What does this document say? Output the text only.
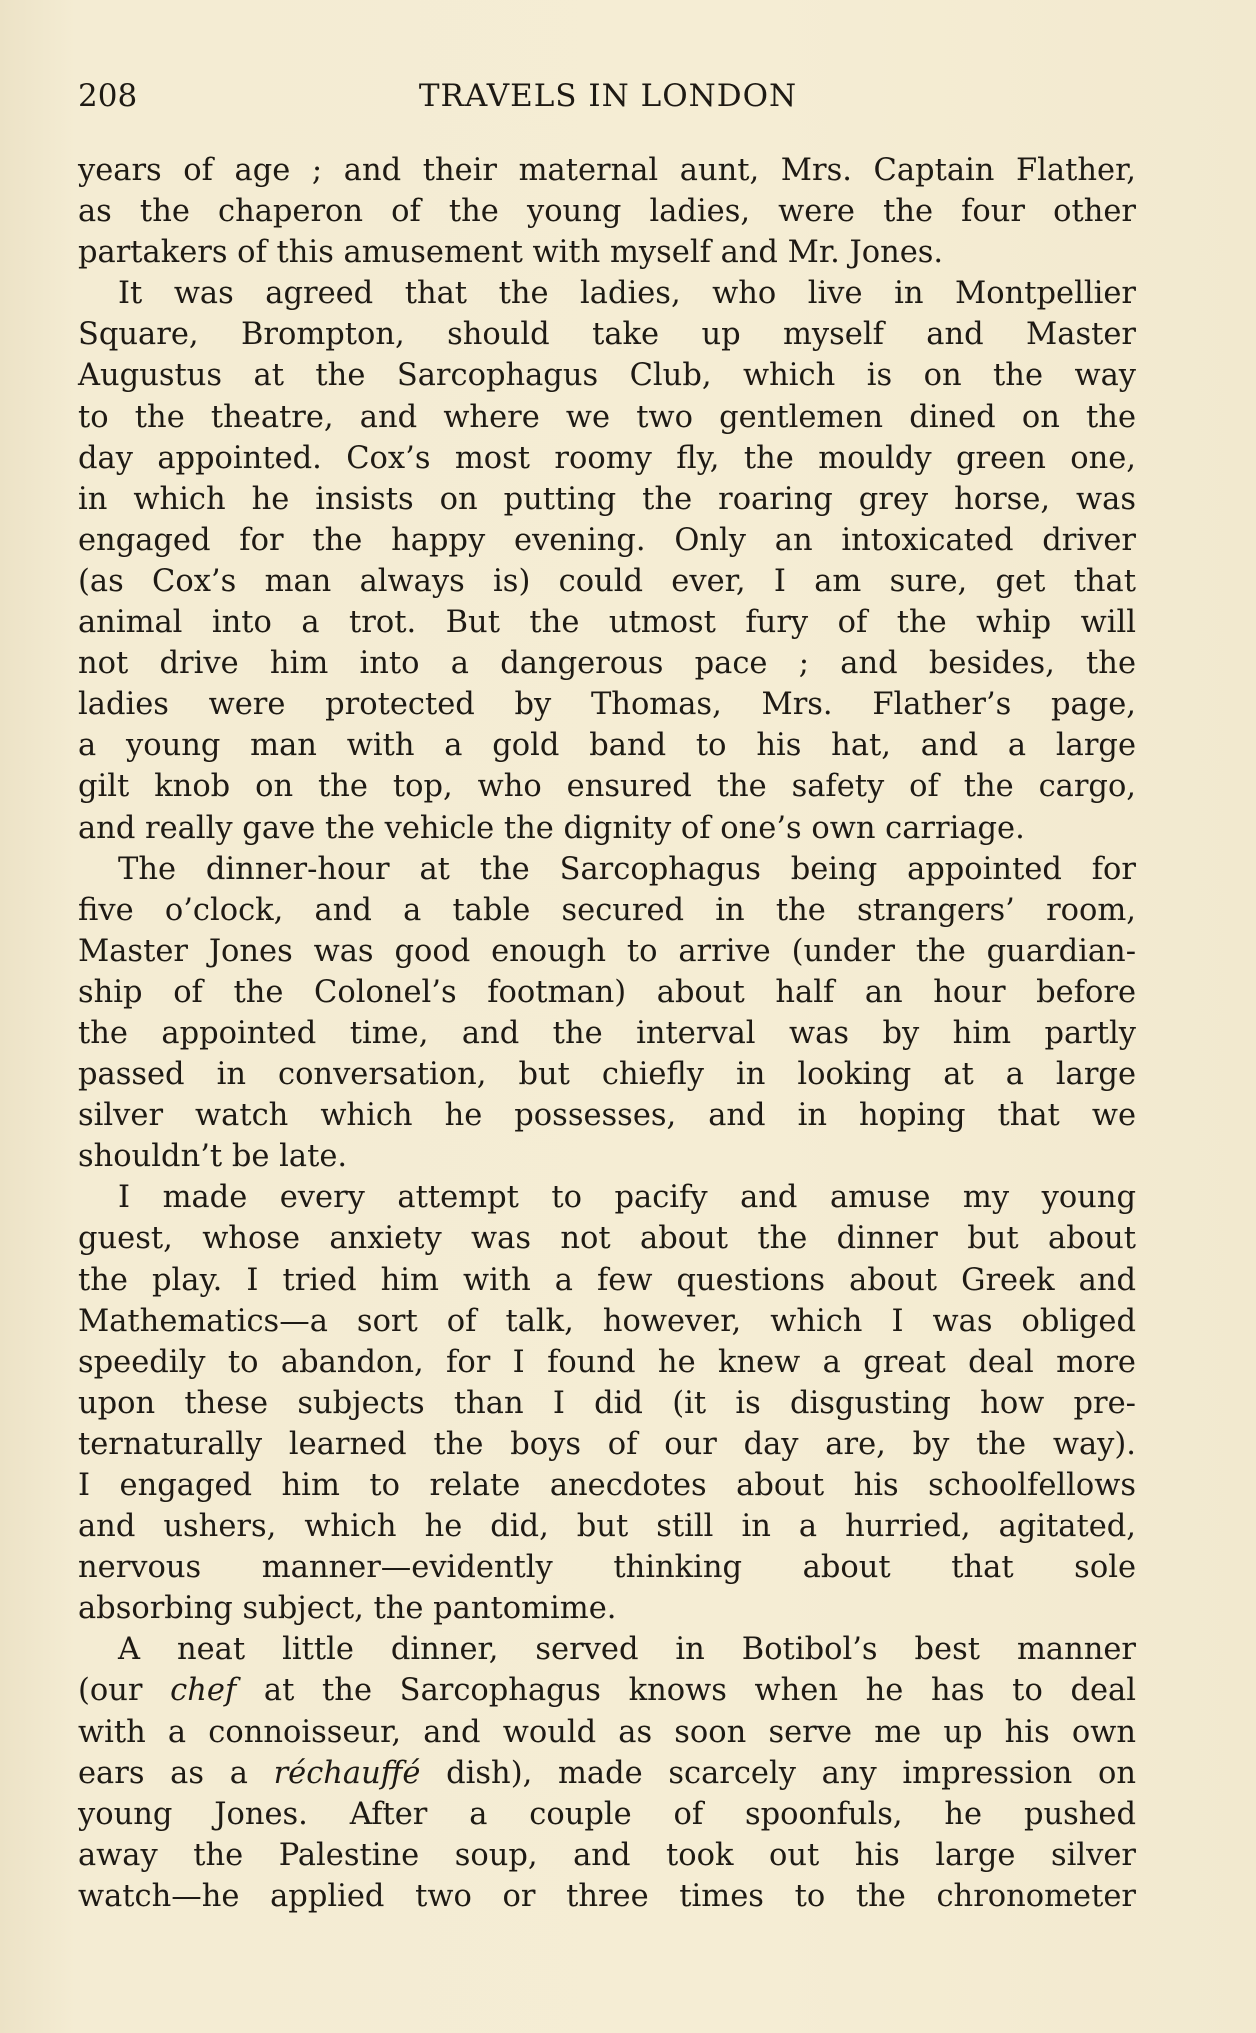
208	TRAVELS IN LONDON
years of age ; and their maternal aunt, Mrs. Captain Flather,
as the chaperon of the young ladies, were the four other
partakers of this amusement with myself and Mr. Jones.
It was agreed that the ladies, who live in Montpellier
Square, Brompton, should take up myself and Master
Augustus at the Sarcophagus Club, which is on the way
to the theatre, and where we two gentlemen dined on the
day appointed. Cox’s most roomy fly, the mouldy green one,
in which he insists on putting the roaring grey horse, was
engaged for the happy evening. Only an intoxicated driver
(as Cox’s man always is) could ever, I am sure, get that
animal into a trot. But the utmost fury of the whip will
not drive him into a dangerous pace ; and besides, the
ladies were protected by Thomas, Mrs. Flather’s page,
a young man with a gold band to his hat, and a large
gilt knob on the top, who ensured the safety of the cargo,
and really gave the vehicle the dignity of one’s own carriage.
The dinner-hour at the Sarcophagus being appointed for
five o’clock, and a table secured in the strangers’ room,
Master Jones was good enough to arrive (under the guardian-
ship of the Colonel’s footman) about half an hour before
the appointed time, and the interval was by him partly
passed in conversation, but chiefly in looking at a large
silver watch which he possesses, and in hoping that we
shouldn’t be late.
I made every attempt to pacify and amuse my young
guest, whose anxiety was not about the dinner but about
the play. I tried him with a few questions about Greek and
Mathematics—a sort of talk, however, which I was obliged
speedily to abandon, for I found he knew a great deal more
upon these subjects than I did (it is disgusting how pre-
ternaturally learned the boys of our day are, by the way).
I engaged him to relate anecdotes about his schoolfellows
and ushers, which he did, but still in a hurried, agitated,
nervous manner—evidently thinking about that sole
absorbing subject, the pantomime.
A neat little dinner, served in Botibol’s best manner
(our chef at the Sarcophagus knows when he has to deal
with a connoisseur, and would as soon serve me up his own
ears as a réchauffé dish), made scarcely any impression on
young Jones. After a couple of spoonfuls, he pushed
away the Palestine soup, and took out his large silver
watch—he applied two or three times to the chronometer
